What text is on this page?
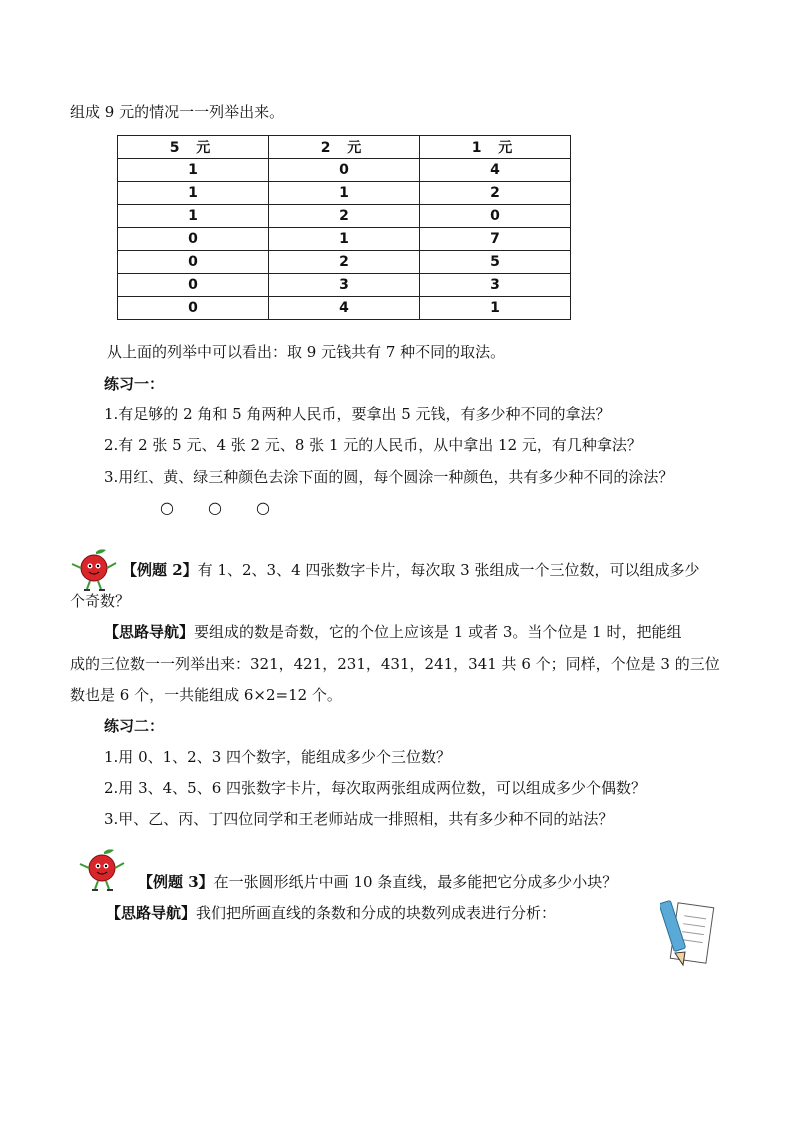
组成 9 元的情况一一列举出来。
5 元	2 元	1 元
1	0	4
1	1	2
1	2	0
0	1	7
0	2	5
0	3	3
0	4	1
从上面的列举中可以看出：取 9 元钱共有 7 种不同的取法。
练习一：
1.有足够的 2 角和 5 角两种人民币，要拿出 5 元钱，有多少种不同的拿法？
2.有 2 张 5 元、4 张 2 元、8 张 1 元的人民币，从中拿出 12 元，有几种拿法？
3.用红、黄、绿三种颜色去涂下面的圆，每个圆涂一种颜色，共有多少种不同的涂法？
○ ○ ○
【例题 2】有 1、2、3、4 四张数字卡片，每次取 3 张组成一个三位数，可以组成多少
个奇数？
【思路导航】要组成的数是奇数，它的个位上应该是 1 或者 3。当个位是 1 时，把能组
成的三位数一一列举出来：321，421，231，431，241，341 共 6 个；同样，个位是 3 的三位
数也是 6 个，一共能组成 6×2=12 个。
练习二：
1.用 0、1、2、3 四个数字，能组成多少个三位数？
2.用 3、4、5、6 四张数字卡片，每次取两张组成两位数，可以组成多少个偶数？
3.甲、乙、丙、丁四位同学和王老师站成一排照相，共有多少种不同的站法？
【例题 3】在一张圆形纸片中画 10 条直线，最多能把它分成多少小块？
【思路导航】我们把所画直线的条数和分成的块数列成表进行分析：
